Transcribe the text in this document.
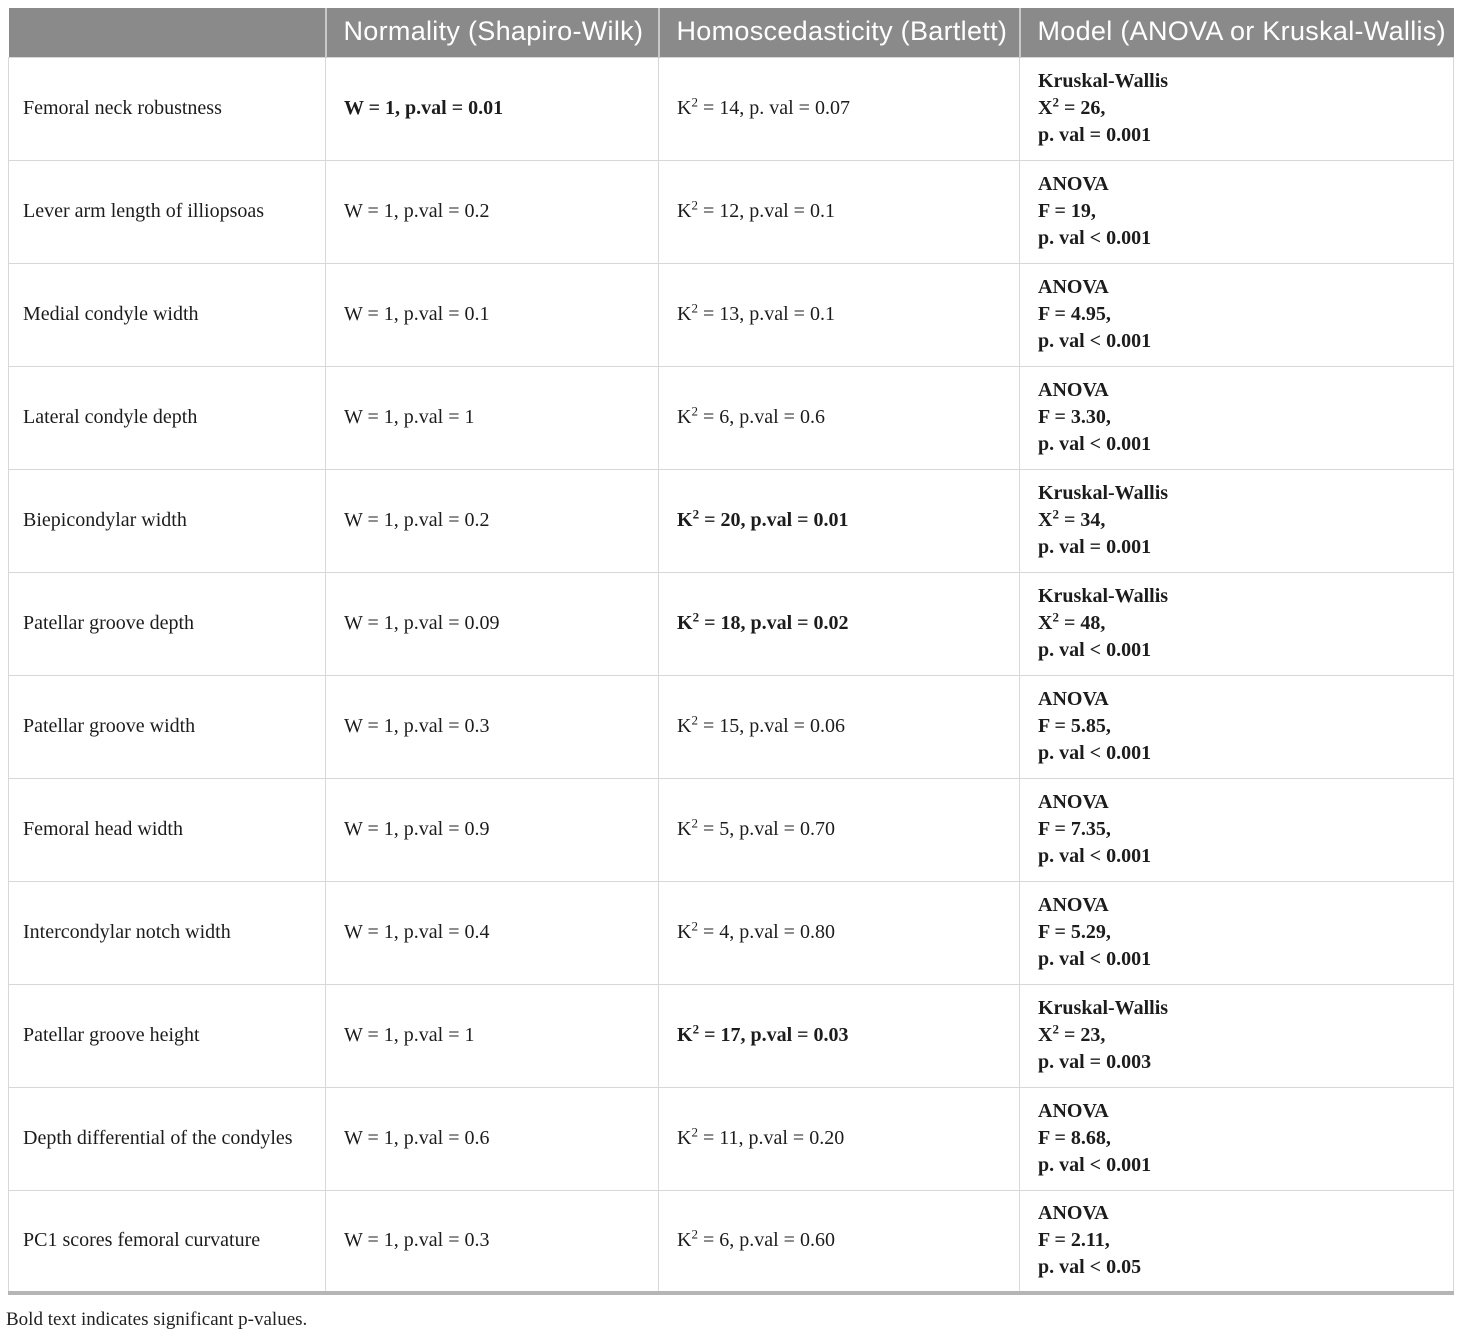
	Normality (Shapiro-Wilk)	Homoscedasticity (Bartlett)	Model (ANOVA or Kruskal-Wallis)
Femoral neck robustness	W = 1, p.val = 0.01	$K^2 = 14$, p. val = 0.07	Kruskal-Wallis
$X^2 = 26$,
p. val = 0.001

Lever arm length of illiopsoas	W = 1, p.val = 0.2	$K^2 = 12$, p.val = 0.1	ANOVA
F = 19,
p. val < 0.001

Medial condyle width	W = 1, p.val = 0.1	$K^2 = 13$, p.val = 0.1	ANOVA
F = 4.95,
p. val < 0.001

Lateral condyle depth	W = 1, p.val = 1	$K^2 = 6$, p.val = 0.6	ANOVA
F = 3.30,
p. val < 0.001

Biepicondylar width	W = 1, p.val = 0.2	$K^2 = 20$, p.val = 0.01	Kruskal-Wallis
$X^2 = 34$,
p. val = 0.001

Patellar groove depth	W = 1, p.val = 0.09	$K^2 = 18$, p.val = 0.02	Kruskal-Wallis
$X^2 = 48$,
p. val < 0.001

Patellar groove width	W = 1, p.val = 0.3	$K^2 = 15$, p.val = 0.06	ANOVA
F = 5.85,
p. val < 0.001

Femoral head width	W = 1, p.val = 0.9	$K^2 = 5$, p.val = 0.70	ANOVA
F = 7.35,
p. val < 0.001

Intercondylar notch width	W = 1, p.val = 0.4	$K^2 = 4$, p.val = 0.80	ANOVA
F = 5.29,
p. val < 0.001

Patellar groove height	W = 1, p.val = 1	$K^2 = 17$, p.val = 0.03	Kruskal-Wallis
$X^2 = 23$,
p. val = 0.003

Depth differential of the condyles	W = 1, p.val = 0.6	$K^2 = 11$, p.val = 0.20	ANOVA
F = 8.68,
p. val < 0.001

PC1 scores femoral curvature	W = 1, p.val = 0.3	$K^2 = 6$, p.val = 0.60	ANOVA
F = 2.11,
p. val < 0.05
Bold text indicates significant p-values.
